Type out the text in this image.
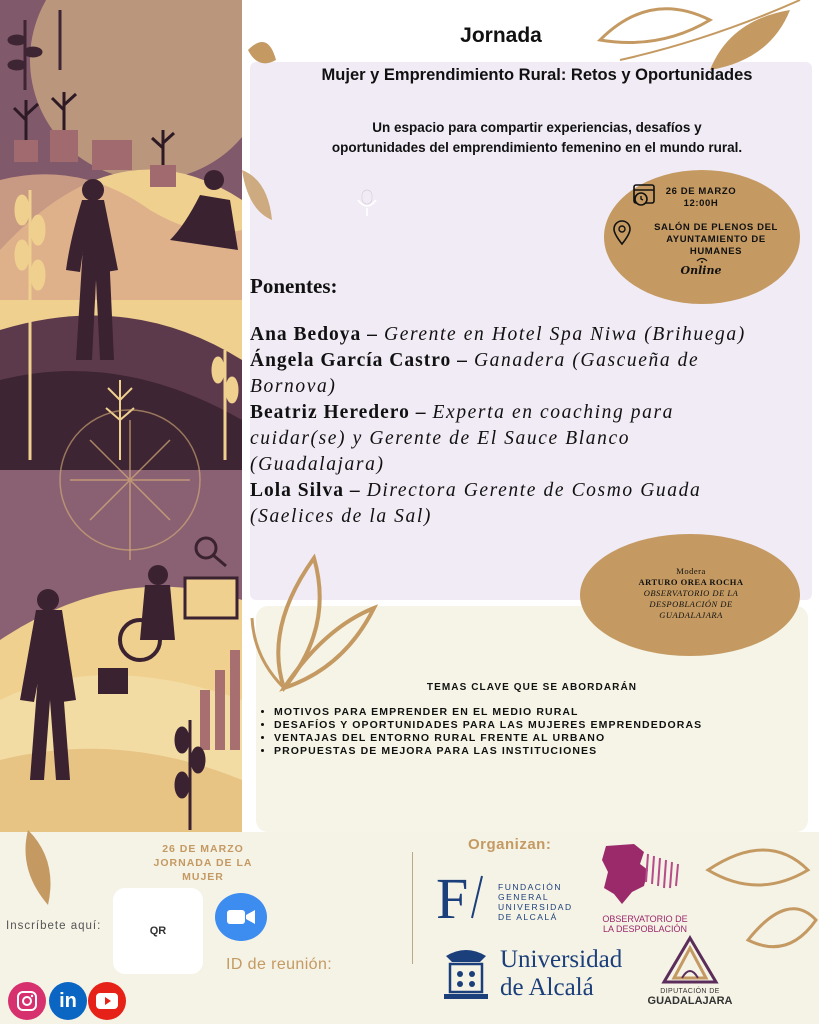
Jornada
Mujer y Emprendimiento Rural: Retos y Oportunidades
Un espacio para compartir experiencias, desafíos y
oportunidades del emprendimiento femenino en el mundo rural.
26 DE MARZO
12:00H
SALÓN DE PLENOS DEL
AYUNTAMIENTO DE
HUMANES
Online
Ponentes:
Ana Bedoya – Gerente en Hotel Spa Niwa (Brihuega)
Ángela García Castro – Ganadera (Gascueña de
Bornova)
Beatriz Heredero – Experta en coaching para
cuidar(se) y Gerente de El Sauce Blanco
(Guadalajara)
Lola Silva – Directora Gerente de Cosmo Guada
(Saelices de la Sal)
Modera
ARTURO OREA ROCHA
OBSERVATORIO DE LA
DESPOBLACIÓN DE
GUADALAJARA
TEMAS CLAVE QUE SE ABORDARÁN
• MOTIVOS PARA EMPRENDER EN EL MEDIO RURAL
• DESAFÍOS Y OPORTUNIDADES PARA LAS MUJERES EMPRENDEDORAS
• VENTAJAS DEL ENTORNO RURAL FRENTE AL URBANO
• PROPUESTAS DE MEJORA PARA LAS INSTITUCIONES
26 DE MARZO
JORNADA DE LA
MUJER
Inscríbete aquí:	QR
ID de reunión:
in
Organizan:
F	FUNDACIÓN
GENERAL
UNIVERSIDAD
DE ALCALÁ	OBSERVATORIO DE
LA DESPOBLACIÓN
Universidad
de Alcalá	DIPUTACIÓN DE
GUADALAJARA
